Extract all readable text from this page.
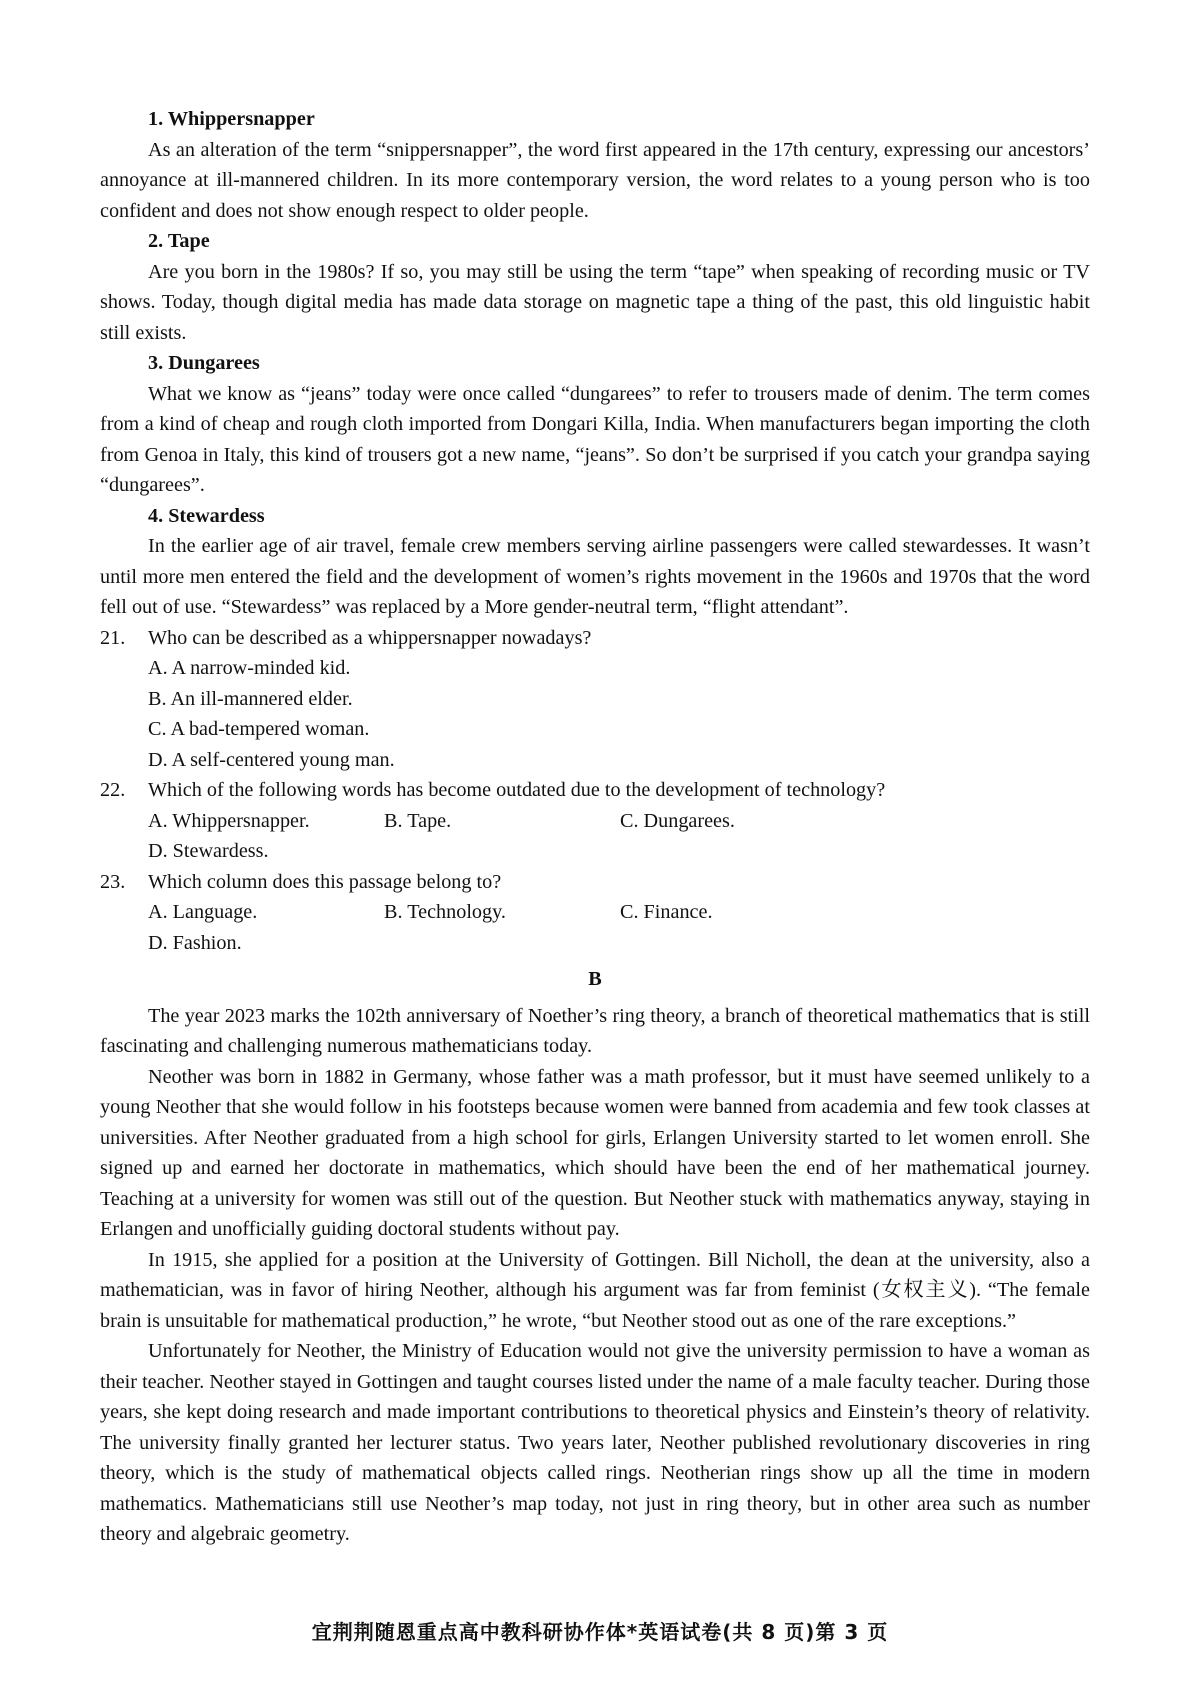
1. Whippersnapper

As an alteration of the term “snippersnapper”, the word first appeared in the 17th century, expressing our ancestors’ annoyance at ill-mannered children. In its more contemporary version, the word relates to a young person who is too confident and does not show enough respect to older people.

2. Tape

Are you born in the 1980s? If so, you may still be using the term “tape” when speaking of recording music or TV shows. Today, though digital media has made data storage on magnetic tape a thing of the past, this old linguistic habit still exists.

3. Dungarees

What we know as “jeans” today were once called “dungarees” to refer to trousers made of denim. The term comes from a kind of cheap and rough cloth imported from Dongari Killa, India. When manufacturers began importing the cloth from Genoa in Italy, this kind of trousers got a new name, “jeans”. So don’t be surprised if you catch your grandpa saying “dungarees”.

4. Stewardess

In the earlier age of air travel, female crew members serving airline passengers were called stewardesses. It wasn’t until more men entered the field and the development of women’s rights movement in the 1960s and 1970s that the word fell out of use. “Stewardess” was replaced by a More gender-neutral term, “flight attendant”.

21.	Who can be described as a whippersnapper nowadays?
A. A narrow-minded kid.
B. An ill-mannered elder.
C. A bad-tempered woman.
D. A self-centered young man.
22.	Which of the following words has become outdated due to the development of technology?
A. Whippersnapper.	B. Tape.	C. Dungarees.
D. Stewardess.
23.	Which column does this passage belong to?
A. Language.	B. Technology.	C. Finance.
D. Fashion.
B

The year 2023 marks the 102th anniversary of Noether’s ring theory, a branch of theoretical mathematics that is still fascinating and challenging numerous mathematicians today.

Neother was born in 1882 in Germany, whose father was a math professor, but it must have seemed unlikely to a young Neother that she would follow in his footsteps because women were banned from academia and few took classes at universities. After Neother graduated from a high school for girls, Erlangen University started to let women enroll. She signed up and earned her doctorate in mathematics, which should have been the end of her mathematical journey. Teaching at a university for women was still out of the question. But Neother stuck with mathematics anyway, staying in Erlangen and unofficially guiding doctoral students without pay.

In 1915, she applied for a position at the University of Gottingen. Bill Nicholl, the dean at the university, also a mathematician, was in favor of hiring Neother, although his argument was far from feminist (女权主义). “The female brain is unsuitable for mathematical production,” he wrote, “but Neother stood out as one of the rare exceptions.”

Unfortunately for Neother, the Ministry of Education would not give the university permission to have a woman as their teacher. Neother stayed in Gottingen and taught courses listed under the name of a male faculty teacher. During those years, she kept doing research and made important contributions to theoretical physics and Einstein’s theory of relativity. The university finally granted her lecturer status. Two years later, Neother published revolutionary discoveries in ring theory, which is the study of mathematical objects called rings. Neotherian rings show up all the time in modern mathematics. Mathematicians still use Neother’s map today, not just in ring theory, but in other area such as number theory and algebraic geometry.

宜荆荆随恩重点高中教科研协作体*英语试卷(共 8 页)第 3 页
